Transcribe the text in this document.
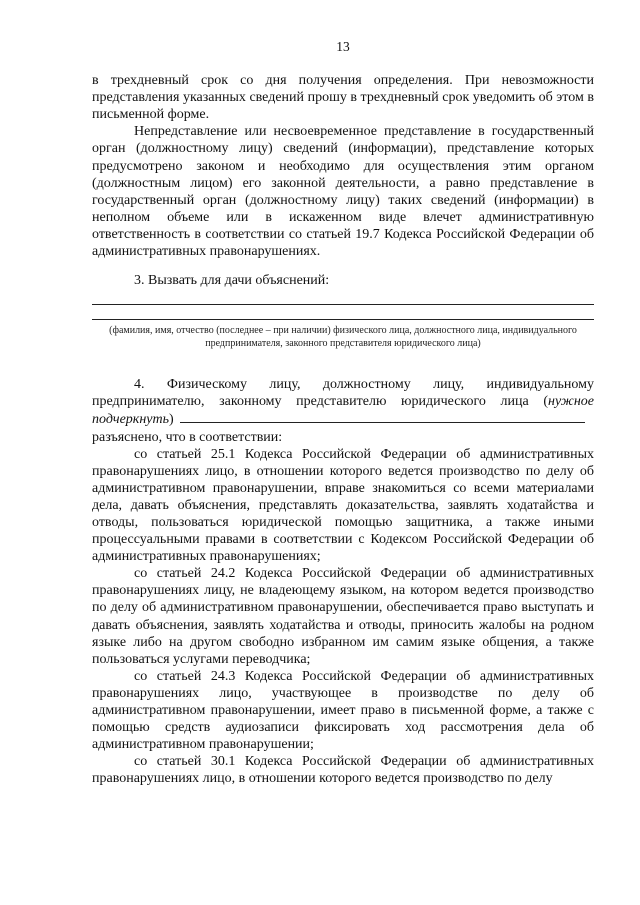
13

в трехдневный срок со дня получения определения. При невозможности представления указанных сведений прошу в трехдневный срок уведомить об этом в письменной форме.

Непредставление или несвоевременное представление в государственный орган (должностному лицу) сведений (информации), представление которых предусмотрено законом и необходимо для осуществления этим органом (должностным лицом) его законной деятельности, а равно представление в государственный орган (должностному лицу) таких сведений (информации) в неполном объеме или в искаженном виде влечет административную ответственность в соответствии со статьей 19.7 Кодекса Российской Федерации об административных правонарушениях.

3. Вызвать для дачи объяснений:

(фамилия, имя, отчество (последнее – при наличии) физического лица, должностного лица, индивидуального предпринимателя, законного представителя юридического лица)

4. Физическому лицу, должностному лицу, индивидуальному предпринимателю, законному представителю юридического лица (нужное подчеркнуть)

разъяснено, что в соответствии:

со статьей 25.1 Кодекса Российской Федерации об административных правонарушениях лицо, в отношении которого ведется производство по делу об административном правонарушении, вправе знакомиться со всеми материалами дела, давать объяснения, представлять доказательства, заявлять ходатайства и отводы, пользоваться юридической помощью защитника, а также иными процессуальными правами в соответствии с Кодексом Российской Федерации об административных правонарушениях;

со статьей 24.2 Кодекса Российской Федерации об административных правонарушениях лицу, не владеющему языком, на котором ведется производство по делу об административном правонарушении, обеспечивается право выступать и давать объяснения, заявлять ходатайства и отводы, приносить жалобы на родном языке либо на другом свободно избранном им самим языке общения, а также пользоваться услугами переводчика;

со статьей 24.3 Кодекса Российской Федерации об административных правонарушениях лицо, участвующее в производстве по делу об административном правонарушении, имеет право в письменной форме, а также с помощью средств аудиозаписи фиксировать ход рассмотрения дела об административном правонарушении;

со статьей 30.1 Кодекса Российской Федерации об административных правонарушениях лицо, в отношении которого ведется производство по делу
